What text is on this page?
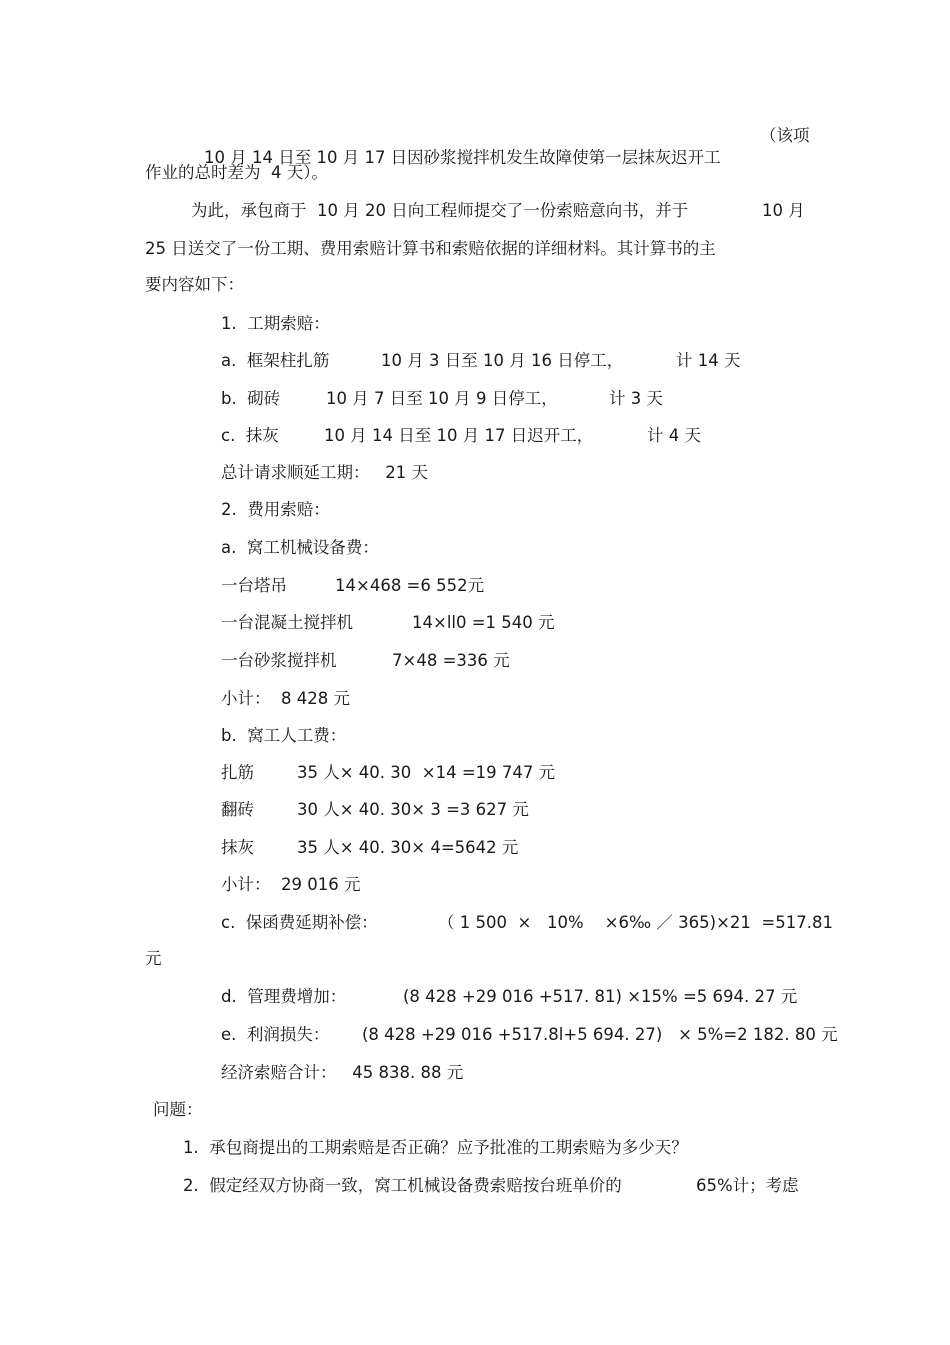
10 月 14 日至 10 月 17 日因砂浆搅拌机发生故障使第一层抹灰迟开工

（该项
作业的总时差为  4 天）。
为此，承包商于  10 月 20 日向工程师提交了一份索赔意向书，并于	10 月
25 日送交了一份工期、费用索赔计算书和索赔依据的详细材料。其计算书的主
要内容如下：
1.  工期索赔：
a.  框架柱扎筋	10 月 3 日至 10 月 16 日停工，	计 14 天
b.  砌砖	10 月 7 日至 10 月 9 日停工，	计 3 天
c.  抹灰	10 月 14 日至 10 月 17 日迟开工，	计 4 天
总计请求顺延工期：   21 天
2.  费用索赔：
a.  窝工机械设备费：
一台塔吊	14×468 =6 552元
一台混凝土搅拌机	14×ll0 =1 540 元
一台砂浆搅拌机	7×48 =336 元
小计：  8 428 元
b.  窝工人工费：
扎筋	35 人× 40. 30  ×14 =19 747 元
翻砖	30 人× 40. 30× 3 =3 627 元
抹灰	35 人× 40. 30× 4=5642 元
小计：  29 016 元
c.  保函费延期补偿：	（ 1 500  ×   10%    ×6‰ ／ 365)×21  =517.81
元
d.  管理费增加：	(8 428 +29 016 +517. 81) ×15% =5 694. 27 元
e.  利润损失： (8 428 +29 016 +517.8l+5 694. 27)   × 5%=2 182. 80 元
经济索赔合计：   45 838. 88 元
问题：
1.  承包商提出的工期索赔是否正确？应予批准的工期索赔为多少天？
2.  假定经双方协商一致，窝工机械设备费索赔按台班单价的	65%计；考虑
